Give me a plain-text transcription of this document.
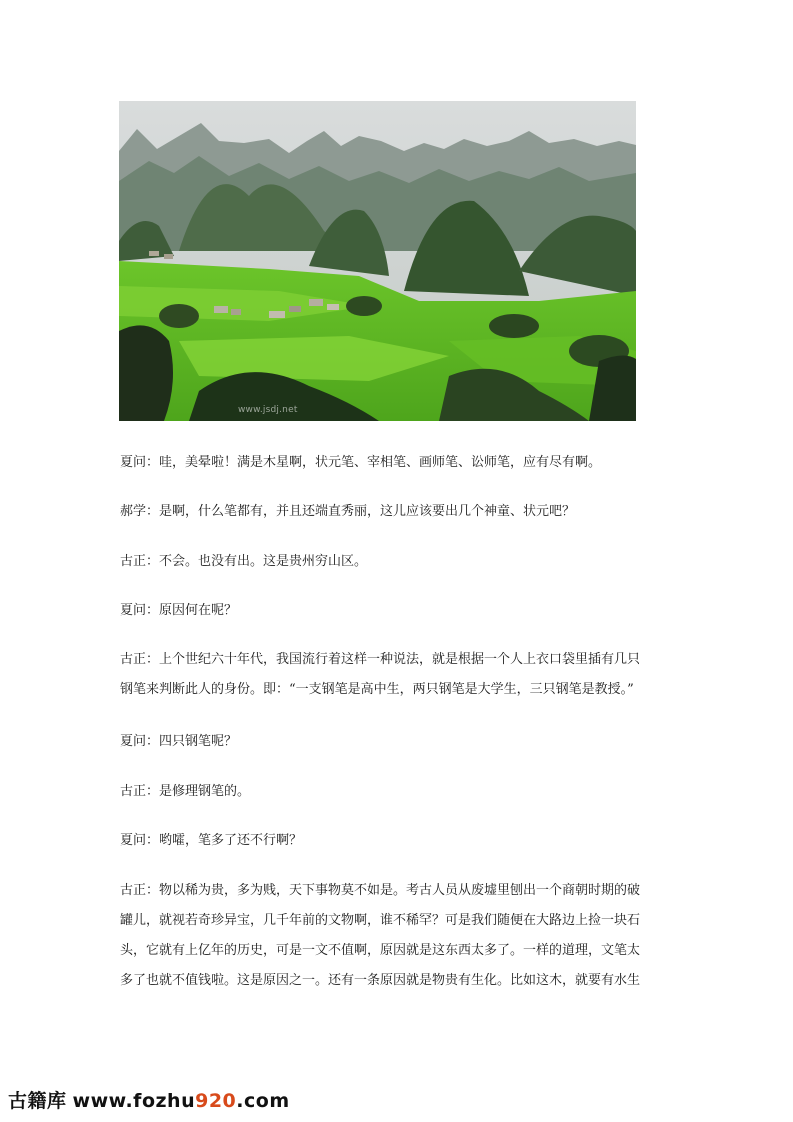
www.jsdj.net

夏问：哇，美晕啦！满是木星啊，状元笔、宰相笔、画师笔、讼师笔，应有尽有啊。

郝学：是啊，什么笔都有，并且还端直秀丽，这儿应该要出几个神童、状元吧？

古正：不会。也没有出。这是贵州穷山区。

夏问：原因何在呢？

古正：上个世纪六十年代，我国流行着这样一种说法，就是根据一个人上衣口袋里插有几只
钢笔来判断此人的身份。即：“一支钢笔是高中生，两只钢笔是大学生，三只钢笔是教授。”

夏问：四只钢笔呢？

古正：是修理钢笔的。

夏问：哟嚯，笔多了还不行啊？

古正：物以稀为贵，多为贱，天下事物莫不如是。考古人员从废墟里刨出一个商朝时期的破
罐儿，就视若奇珍异宝，几千年前的文物啊，谁不稀罕？可是我们随便在大路边上捡一块石
头，它就有上亿年的历史，可是一文不值啊，原因就是这东西太多了。一样的道理，文笔太
多了也就不值钱啦。这是原因之一。还有一条原因就是物贵有生化。比如这木，就要有水生

古籍库 www.fozhu920.com
